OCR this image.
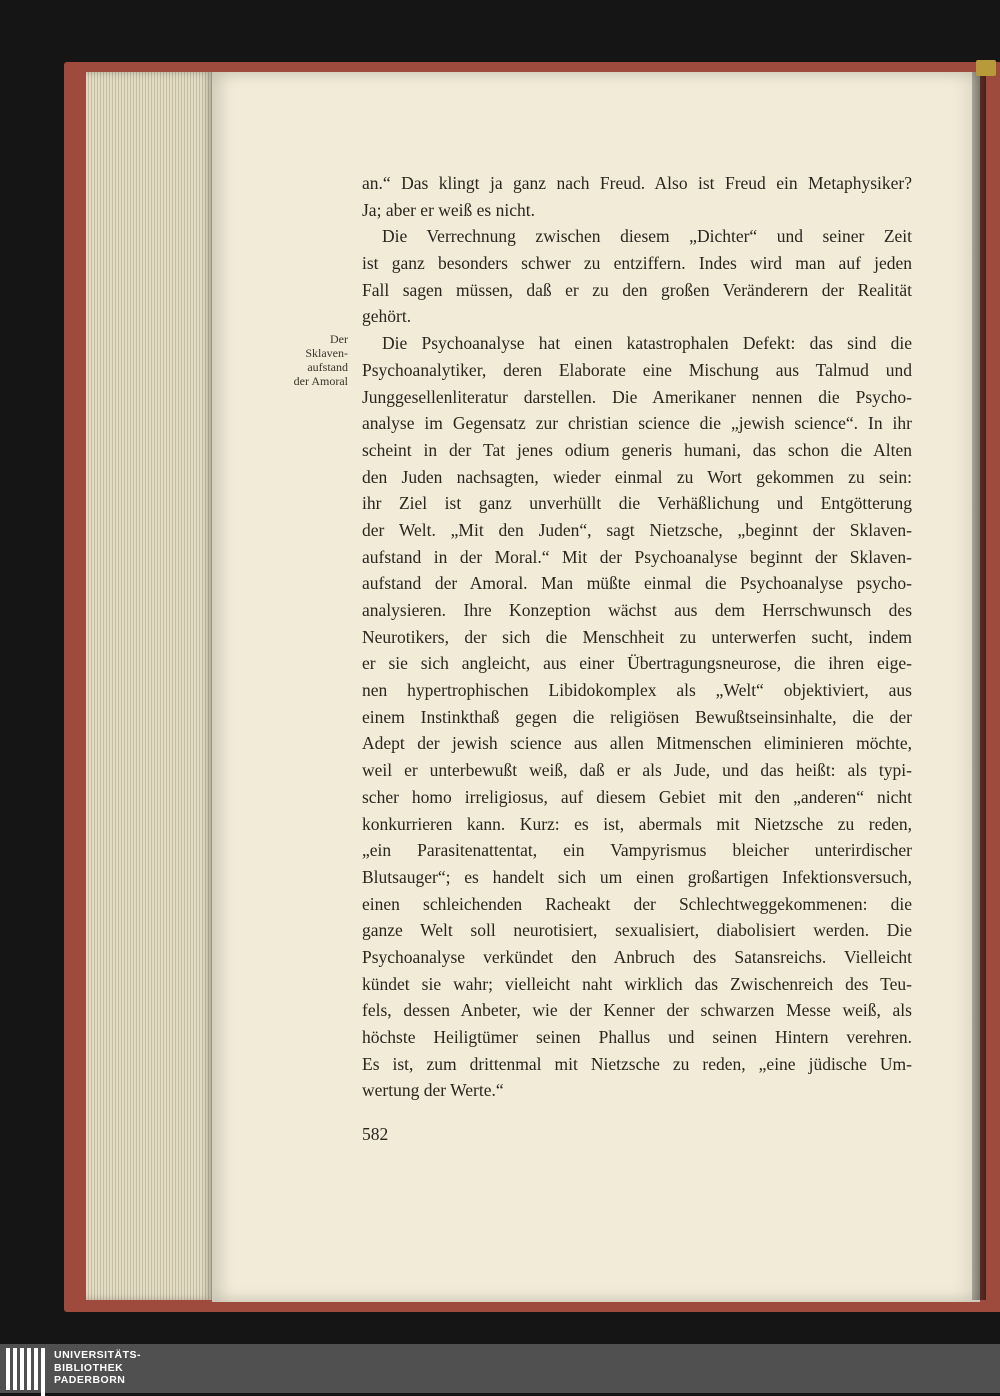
Der
Sklaven-
aufstand
der Amoral
an.“ Das klingt ja ganz nach Freud. Also ist Freud ein Metaphysiker?
Ja; aber er weiß es nicht.
Die Verrechnung zwischen diesem „Dichter“ und seiner Zeit
ist ganz besonders schwer zu entziffern. Indes wird man auf jeden
Fall sagen müssen, daß er zu den großen Veränderern der Realität
gehört.
Die Psychoanalyse hat einen katastrophalen Defekt: das sind die
Psychoanalytiker, deren Elaborate eine Mischung aus Talmud und
Junggesellenliteratur darstellen. Die Amerikaner nennen die Psycho-
analyse im Gegensatz zur christian science die „jewish science“. In ihr
scheint in der Tat jenes odium generis humani, das schon die Alten
den Juden nachsagten, wieder einmal zu Wort gekommen zu sein:
ihr Ziel ist ganz unverhüllt die Verhäßlichung und Entgötterung
der Welt. „Mit den Juden“, sagt Nietzsche, „beginnt der Sklaven-
aufstand in der Moral.“ Mit der Psychoanalyse beginnt der Sklaven-
aufstand der Amoral. Man müßte einmal die Psychoanalyse psycho-
analysieren. Ihre Konzeption wächst aus dem Herrschwunsch des
Neurotikers, der sich die Menschheit zu unterwerfen sucht, indem
er sie sich angleicht, aus einer Übertragungsneurose, die ihren eige-
nen hypertrophischen Libidokomplex als „Welt“ objektiviert, aus
einem Instinkthaß gegen die religiösen Bewußtseinsinhalte, die der
Adept der jewish science aus allen Mitmenschen eliminieren möchte,
weil er unterbewußt weiß, daß er als Jude, und das heißt: als typi-
scher homo irreligiosus, auf diesem Gebiet mit den „anderen“ nicht
konkurrieren kann. Kurz: es ist, abermals mit Nietzsche zu reden,
„ein Parasitenattentat, ein Vampyrismus bleicher unterirdischer
Blutsauger“; es handelt sich um einen großartigen Infektionsversuch,
einen schleichenden Racheakt der Schlechtweggekommenen: die
ganze Welt soll neurotisiert, sexualisiert, diabolisiert werden. Die
Psychoanalyse verkündet den Anbruch des Satansreichs. Vielleicht
kündet sie wahr; vielleicht naht wirklich das Zwischenreich des Teu-
fels, dessen Anbeter, wie der Kenner der schwarzen Messe weiß, als
höchste Heiligtümer seinen Phallus und seinen Hintern verehren.
Es ist, zum drittenmal mit Nietzsche zu reden, „eine jüdische Um-
wertung der Werte.“
582
UNIVERSITÄTS-
BIBLIOTHEK
PADERBORN
